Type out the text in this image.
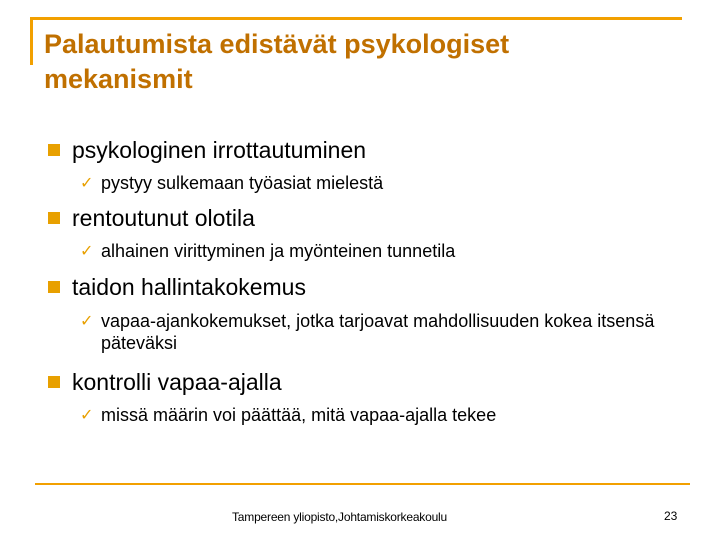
Palautumista edistävät psykologiset mekanismit
psykologinen irrottautuminen
✓ pystyy sulkemaan työasiat mielestä
rentoutunut olotila
✓ alhainen virittyminen ja myönteinen tunnetila
taidon hallintakokemus
✓ vapaa-ajankokemukset, jotka tarjoavat mahdollisuuden kokea itsensä päteväksi
kontrolli vapaa-ajalla
✓ missä määrin voi päättää, mitä vapaa-ajalla tekee
Tampereen yliopisto,Johtamiskorkeakoulu	23
